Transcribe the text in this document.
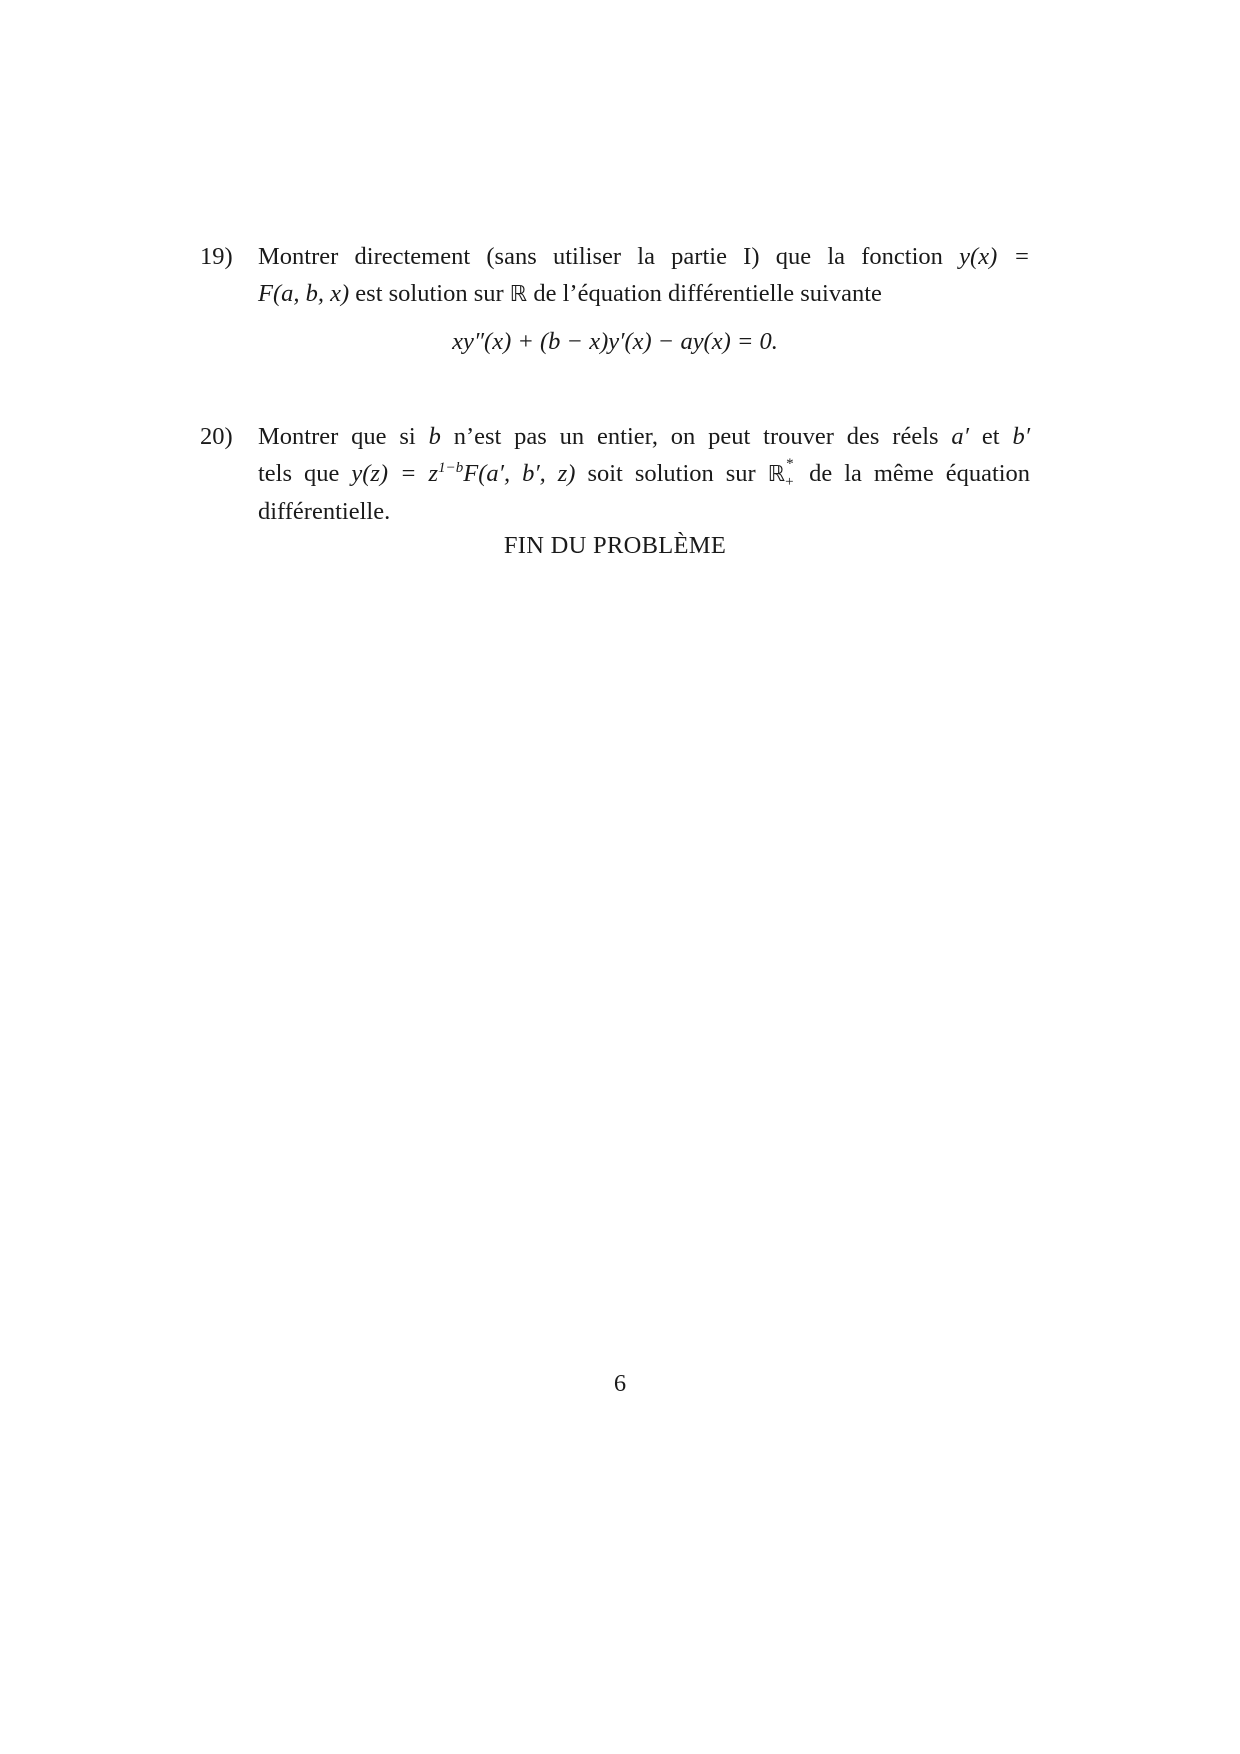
19)	Montrer directement (sans utiliser la partie I) que la fonction y(x) =
F(a, b, x) est solution sur ℝ de l’équation différentielle suivante
xy″(x) + (b − x)y′(x) − ay(x) = 0.
20)	Montrer que si b n’est pas un entier, on peut trouver des réels a′ et b′
tels que $y(z) = z^{1-b}F(a'$, b′, z) soit solution sur ℝ *
+ de la même équation
différentielle.
FIN DU PROBLÈME
6
